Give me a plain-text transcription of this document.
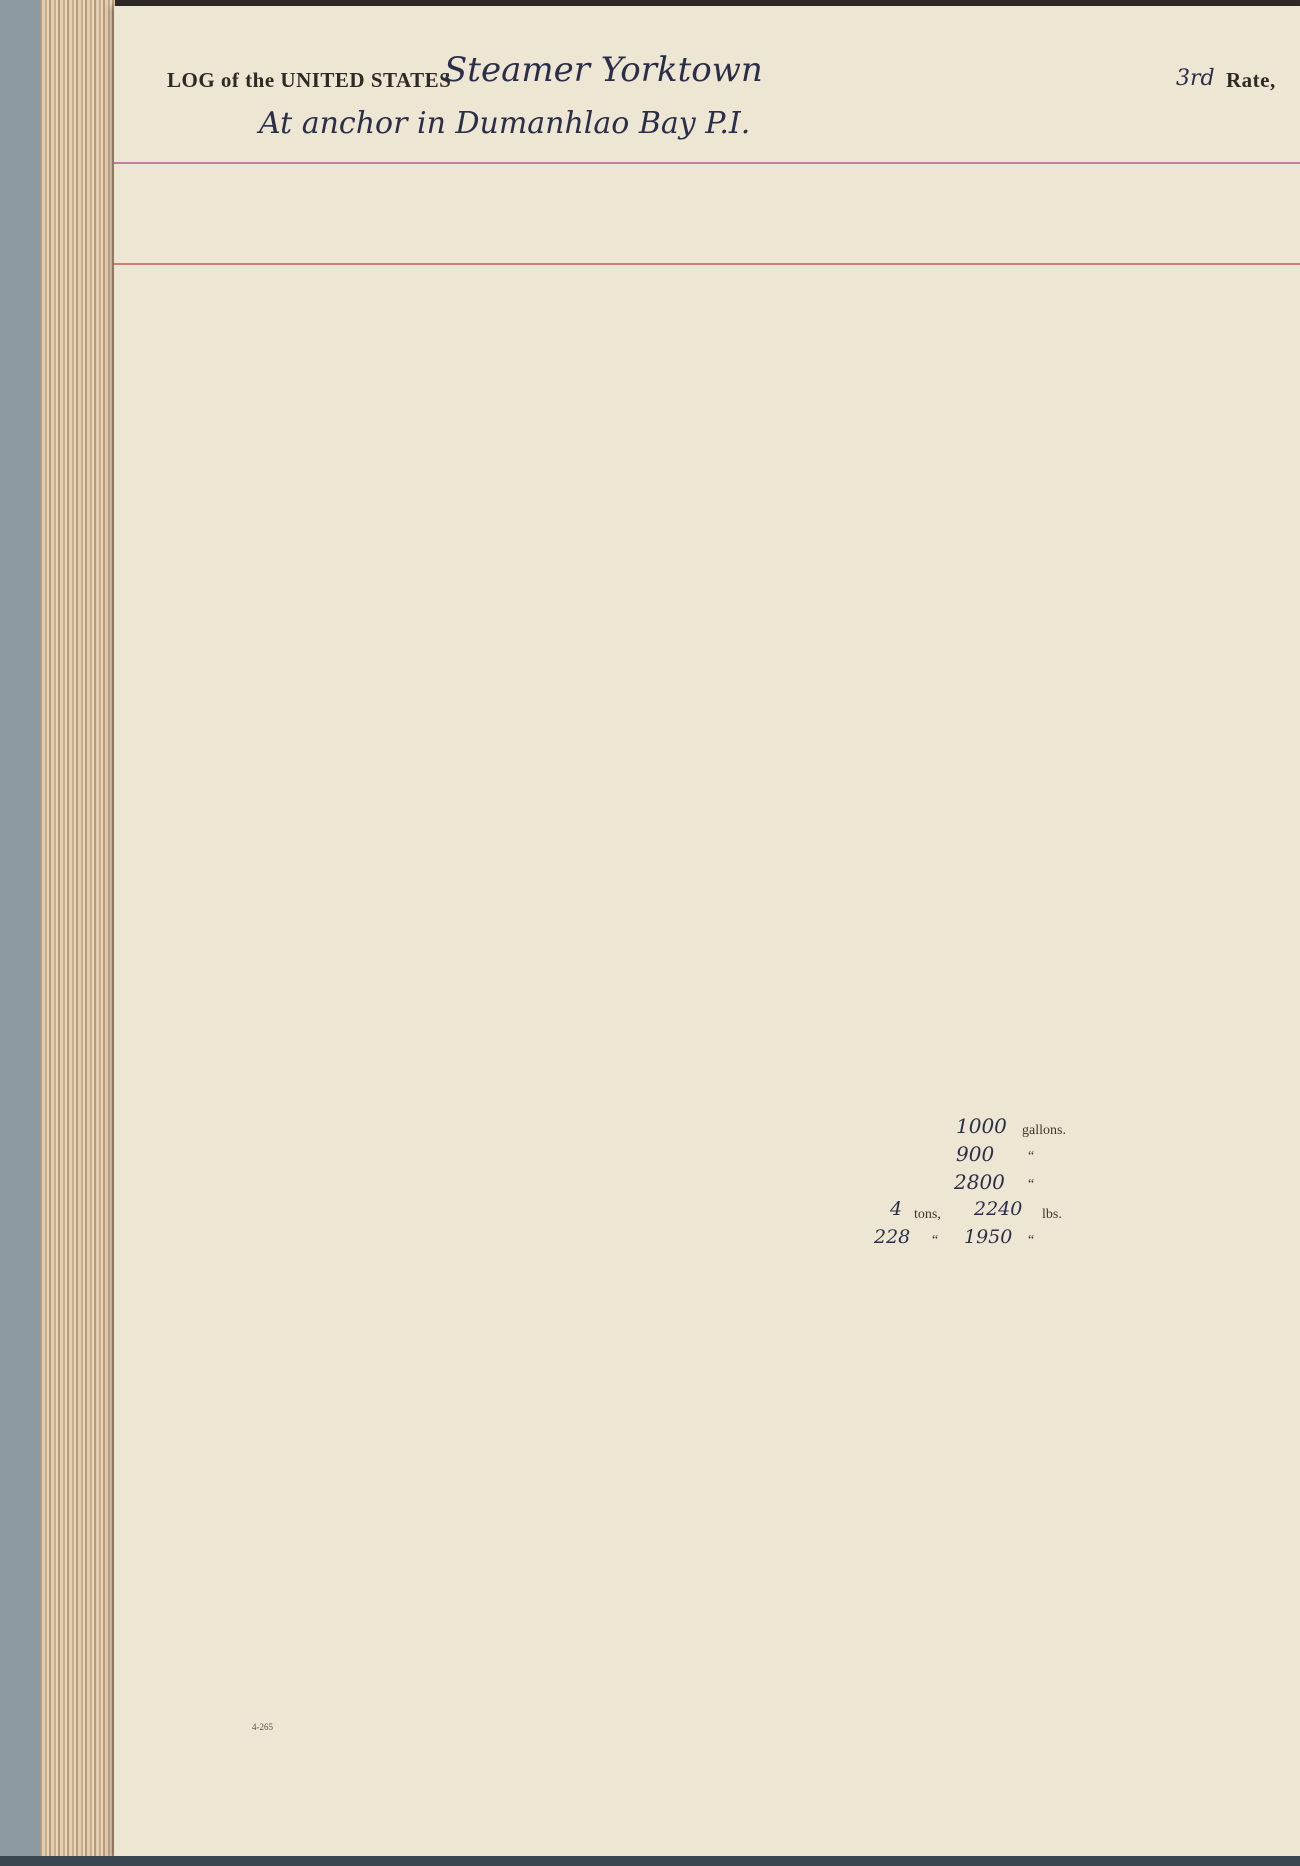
LOG of the UNITED STATES
Steamer Yorktown	3rd Rate,
At anchor in Dumanhlao Bay P.I.
1000 gallons.
900 “
2800 “
4 tons, 2240 lbs.
228 “ 1950 “
4-265
